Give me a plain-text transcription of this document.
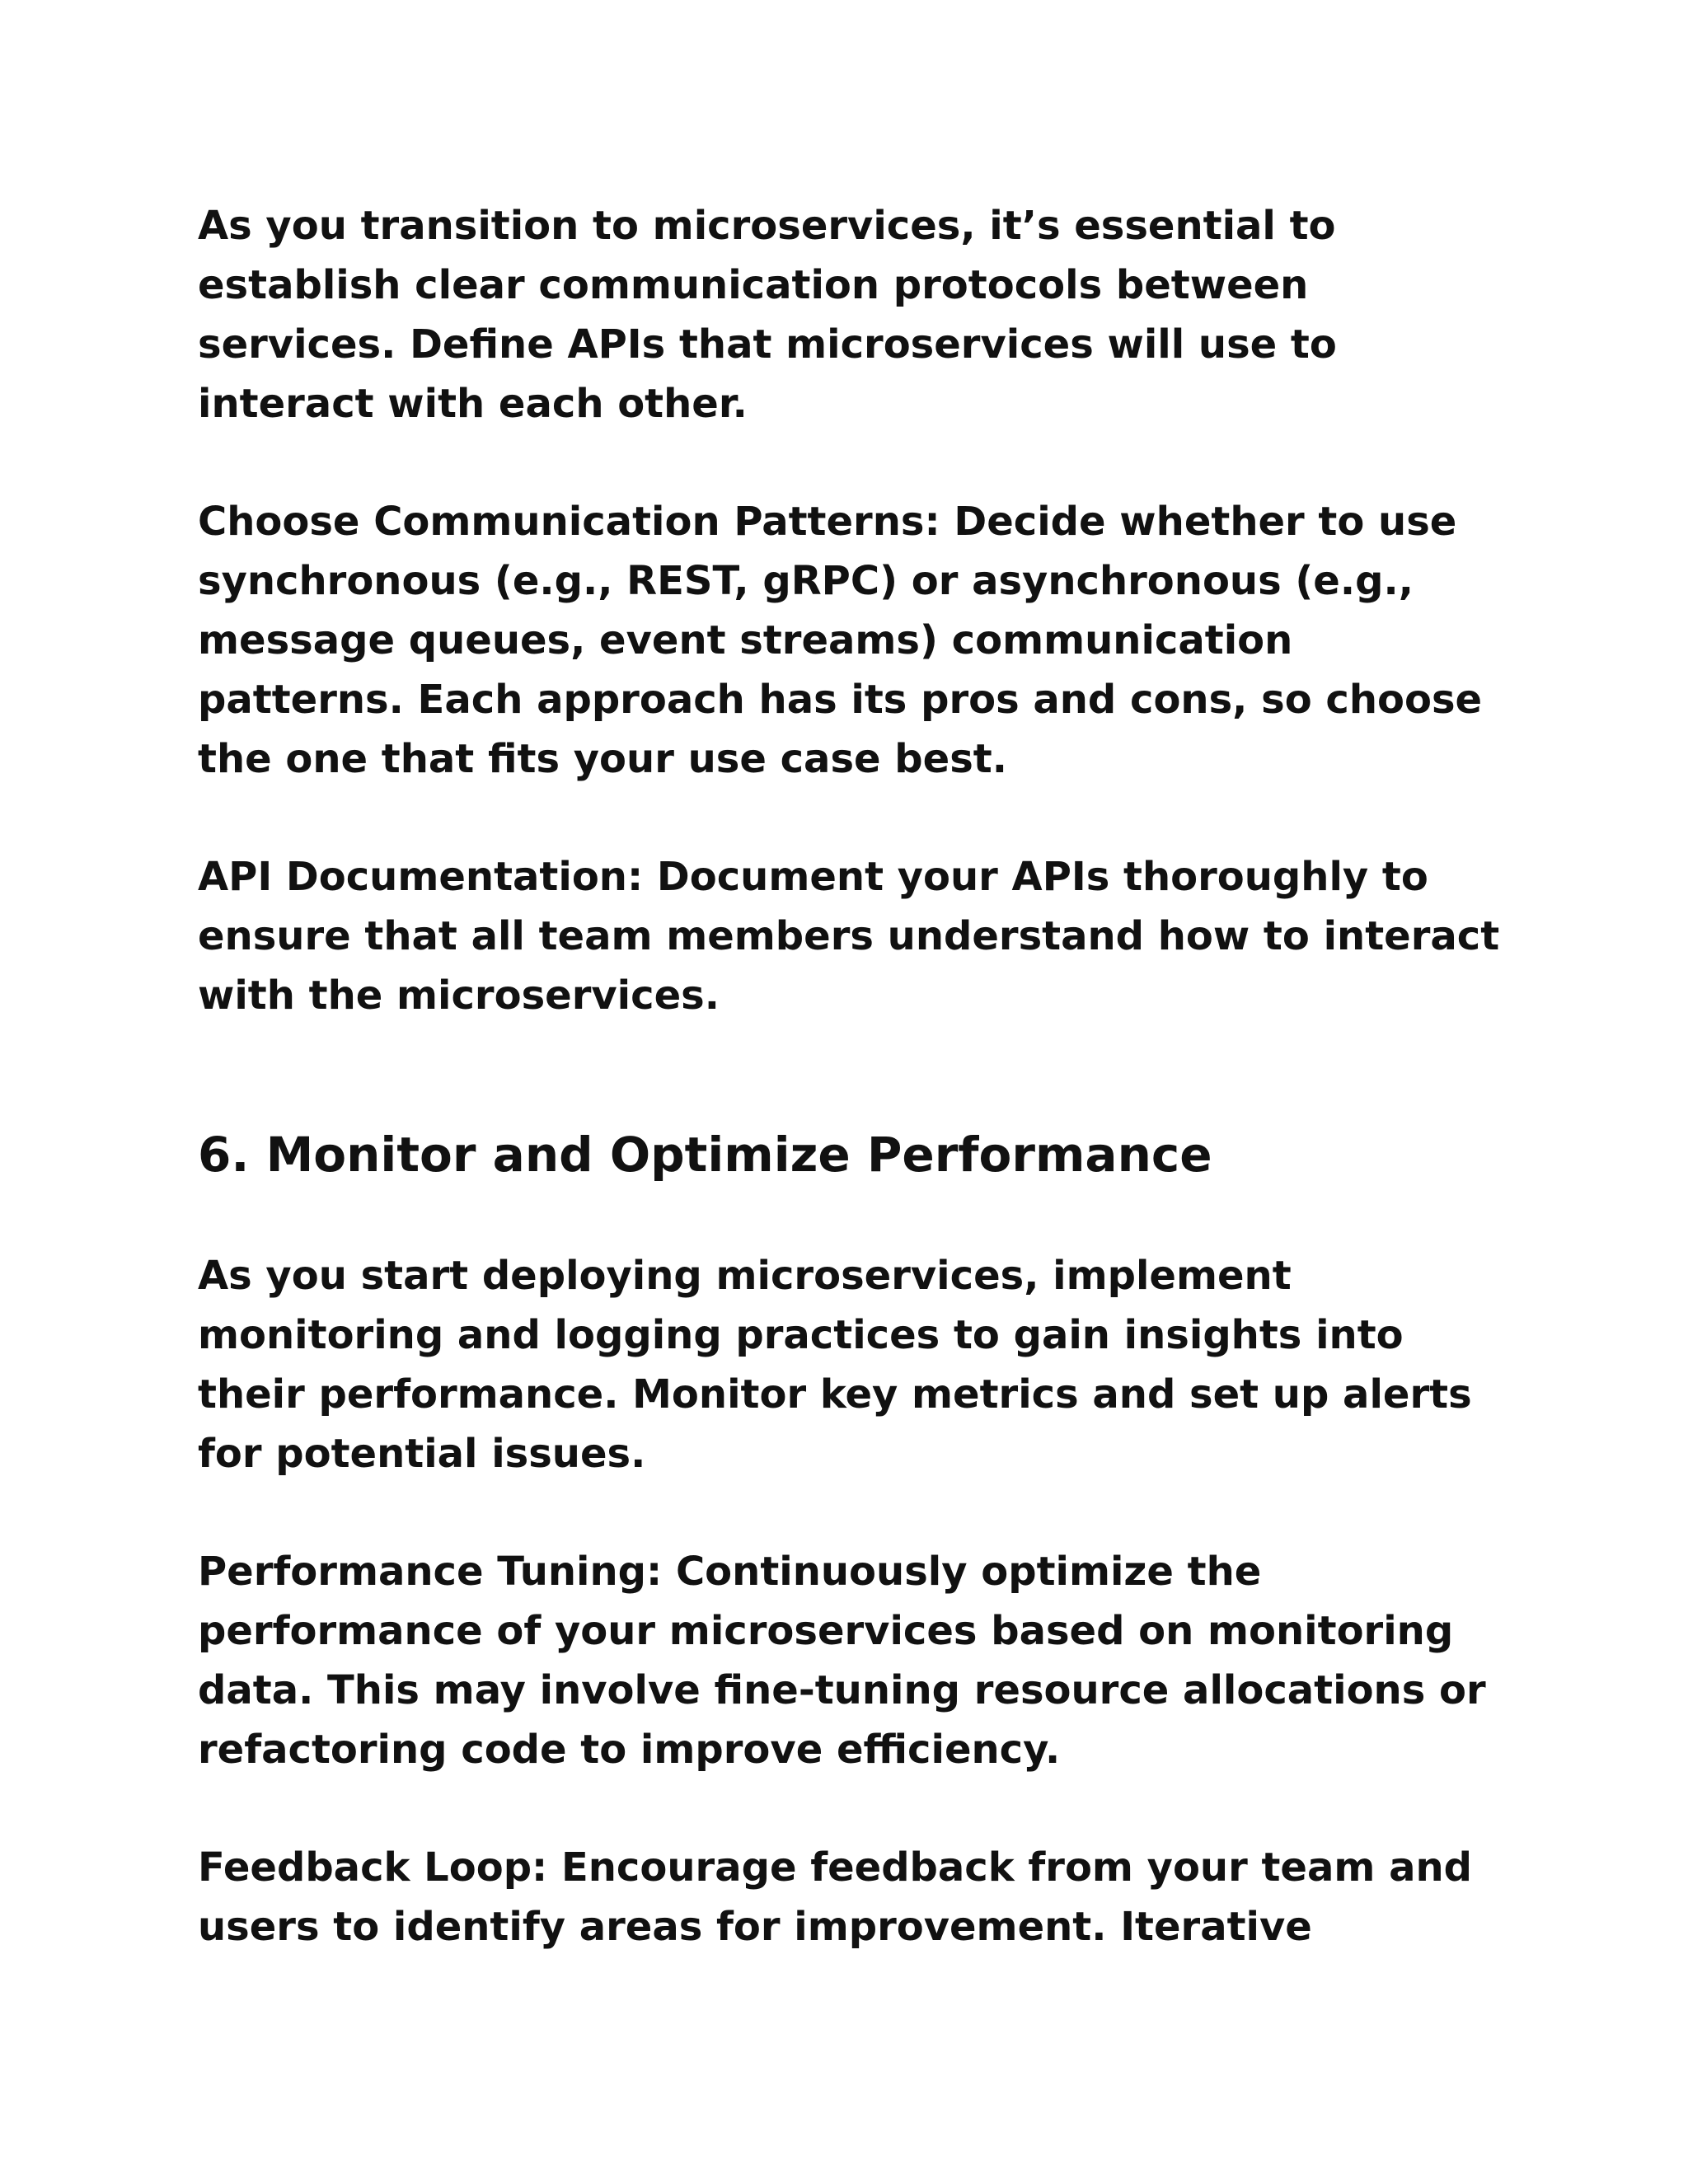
As you transition to microservices, it’s essential to establish clear communication protocols between services. Define APIs that microservices will use to interact with each other.

Choose Communication Patterns: Decide whether to use synchronous (e.g., REST, gRPC) or asynchronous (e.g., message queues, event streams) communication patterns. Each approach has its pros and cons, so choose the one that fits your use case best.

API Documentation: Document your APIs thoroughly to ensure that all team members understand how to interact with the microservices.

6. Monitor and Optimize Performance

As you start deploying microservices, implement monitoring and logging practices to gain insights into their performance. Monitor key metrics and set up alerts for potential issues.

Performance Tuning: Continuously optimize the performance of your microservices based on monitoring data. This may involve fine-tuning resource allocations or refactoring code to improve efficiency.

Feedback Loop: Encourage feedback from your team and users to identify areas for improvement. Iterative
